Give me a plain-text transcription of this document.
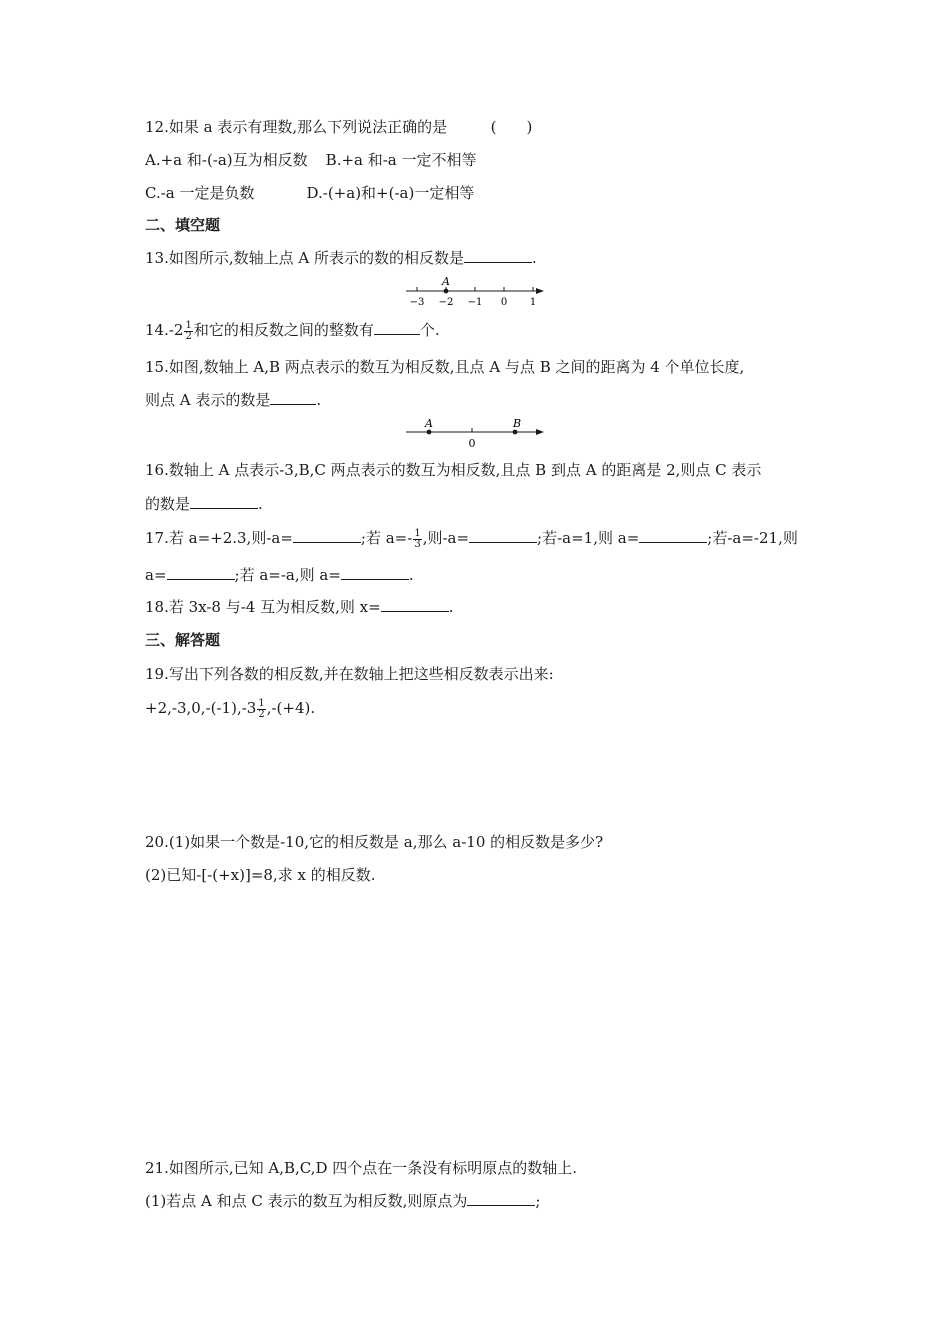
12.如果 a 表示有理数,那么下列说法正确的是	(　　)
A.+a 和-(-a)互为相反数 B.+a 和-a 一定不相等
C.-a 一定是负数	D.-(+a)和+(-a)一定相等
二、填空题
13.如图所示,数轴上点 A 所表示的数的相反数是	.
−3 −2 −1 0 1
A
$14.-2 \frac{1}{2}$ 和它的相反数之间的整数有	个.
15.如图,数轴上 A,B 两点表示的数互为相反数,且点 A 与点 B 之间的距离为 4 个单位长度,
则点 A 表示的数是	.
A	B
0
16.数轴上 A 点表示-3,B,C 两点表示的数互为相反数,且点 B 到点 A 的距离是 2,则点 C 表示
的数是	.
17.若 a=+2.3,则-a=	;若 $a=- \frac{1}{3}$ ,则-a=	;若-a=1,则 a=	;若-a=-21,则
a=	;若 a=-a,则 a=	.
18.若 3x-8 与-4 互为相反数,则 x=	.
三、解答题
19.写出下列各数的相反数,并在数轴上把这些相反数表示出来:
$+2,-3,0,-(-1),-3 \frac{1}{2} ,-(+4)$.
20.(1)如果一个数是-10,它的相反数是 a,那么 a-10 的相反数是多少?
(2)已知-[-(+x)]=8,求 x 的相反数.
21.如图所示,已知 A,B,C,D 四个点在一条没有标明原点的数轴上.
(1)若点 A 和点 C 表示的数互为相反数,则原点为	;
